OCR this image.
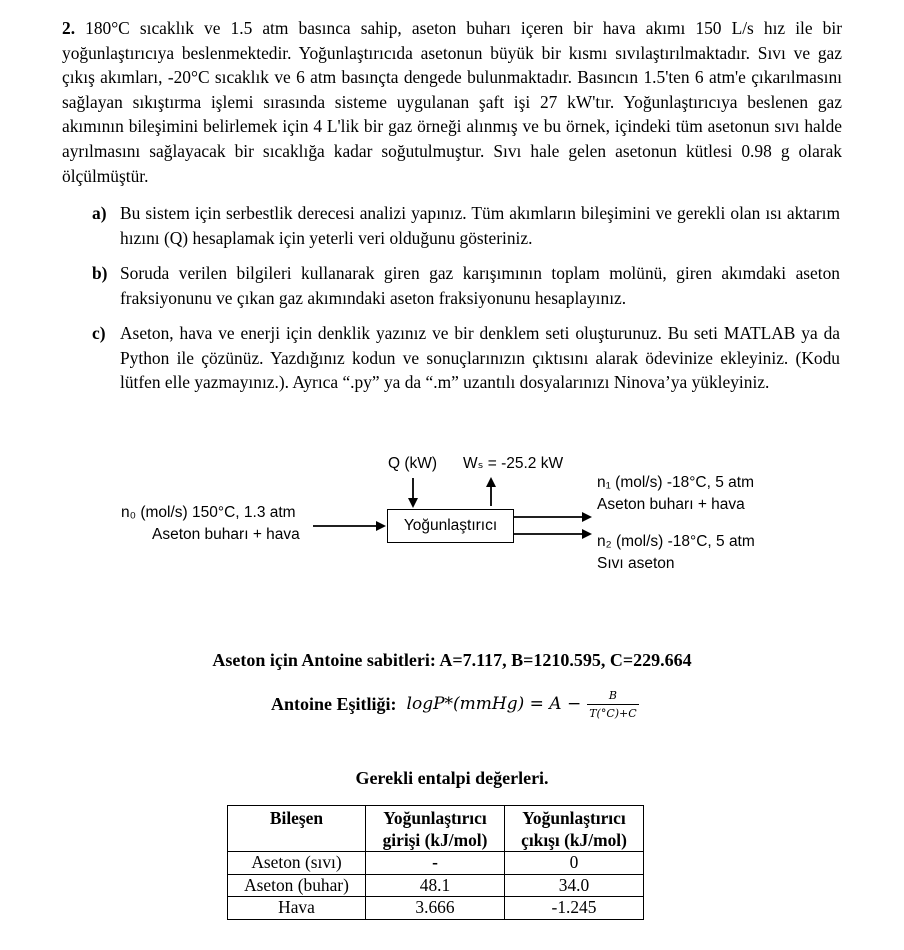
2. 180°C sıcaklık ve 1.5 atm basınca sahip, aseton buharı içeren bir hava akımı 150 L/s hız ile bir yoğunlaştırıcıya beslenmektedir. Yoğunlaştırıcıda asetonun büyük bir kısmı sıvılaştırılmaktadır. Sıvı ve gaz çıkış akımları, -20°C sıcaklık ve 6 atm basınçta dengede bulunmaktadır. Basıncın 1.5'ten 6 atm'e çıkarılmasını sağlayan sıkıştırma işlemi sırasında sisteme uygulanan şaft işi 27 kW'tır. Yoğunlaştırıcıya beslenen gaz akımının bileşimini belirlemek için 4 L'lik bir gaz örneği alınmış ve bu örnek, içindeki tüm asetonun sıvı halde ayrılmasını sağlayacak bir sıcaklığa kadar soğutulmuştur. Sıvı hale gelen asetonun kütlesi 0.98 g olarak ölçülmüştür.
a) Bu sistem için serbestlik derecesi analizi yapınız. Tüm akımların bileşimini ve gerekli olan ısı aktarım hızını (Q) hesaplamak için yeterli veri olduğunu gösteriniz.
b) Soruda verilen bilgileri kullanarak giren gaz karışımının toplam molünü, giren akımdaki aseton fraksiyonunu ve çıkan gaz akımındaki aseton fraksiyonunu hesaplayınız.
c) Aseton, hava ve enerji için denklik yazınız ve bir denklem seti oluşturunuz. Bu seti MATLAB ya da Python ile çözünüz. Yazdığınız kodun ve sonuçlarınızın çıktısını alarak ödevinize ekleyiniz. (Kodu lütfen elle yazmayınız.). Ayrıca “.py” ya da “.m” uzantılı dosyalarınızı Ninova’ya yükleyiniz.
Q (kW) Wₛ = -25.2 kW
n₀ (mol/s) 150°C, 1.3 atm
Aseton buharı + hava
Yoğunlaştırıcı
n₁ (mol/s) -18°C, 5 atm
Aseton buharı + hava
n₂ (mol/s) -18°C, 5 atm
Sıvı aseton
Aseton için Antoine sabitleri: A=7.117, B=1210.595, C=229.664
Antoine Eşitliği: logP*(mmHg) = $A - \frac{B}{T(^\circ C)+C}$
Gerekli entalpi değerleri.
Bileşen	Yoğunlaştırıcı girişi (kJ/mol)	Yoğunlaştırıcı çıkışı (kJ/mol)
Aseton (sıvı)	-	0
Aseton (buhar)	48.1	34.0
Hava	3.666	-1.245
